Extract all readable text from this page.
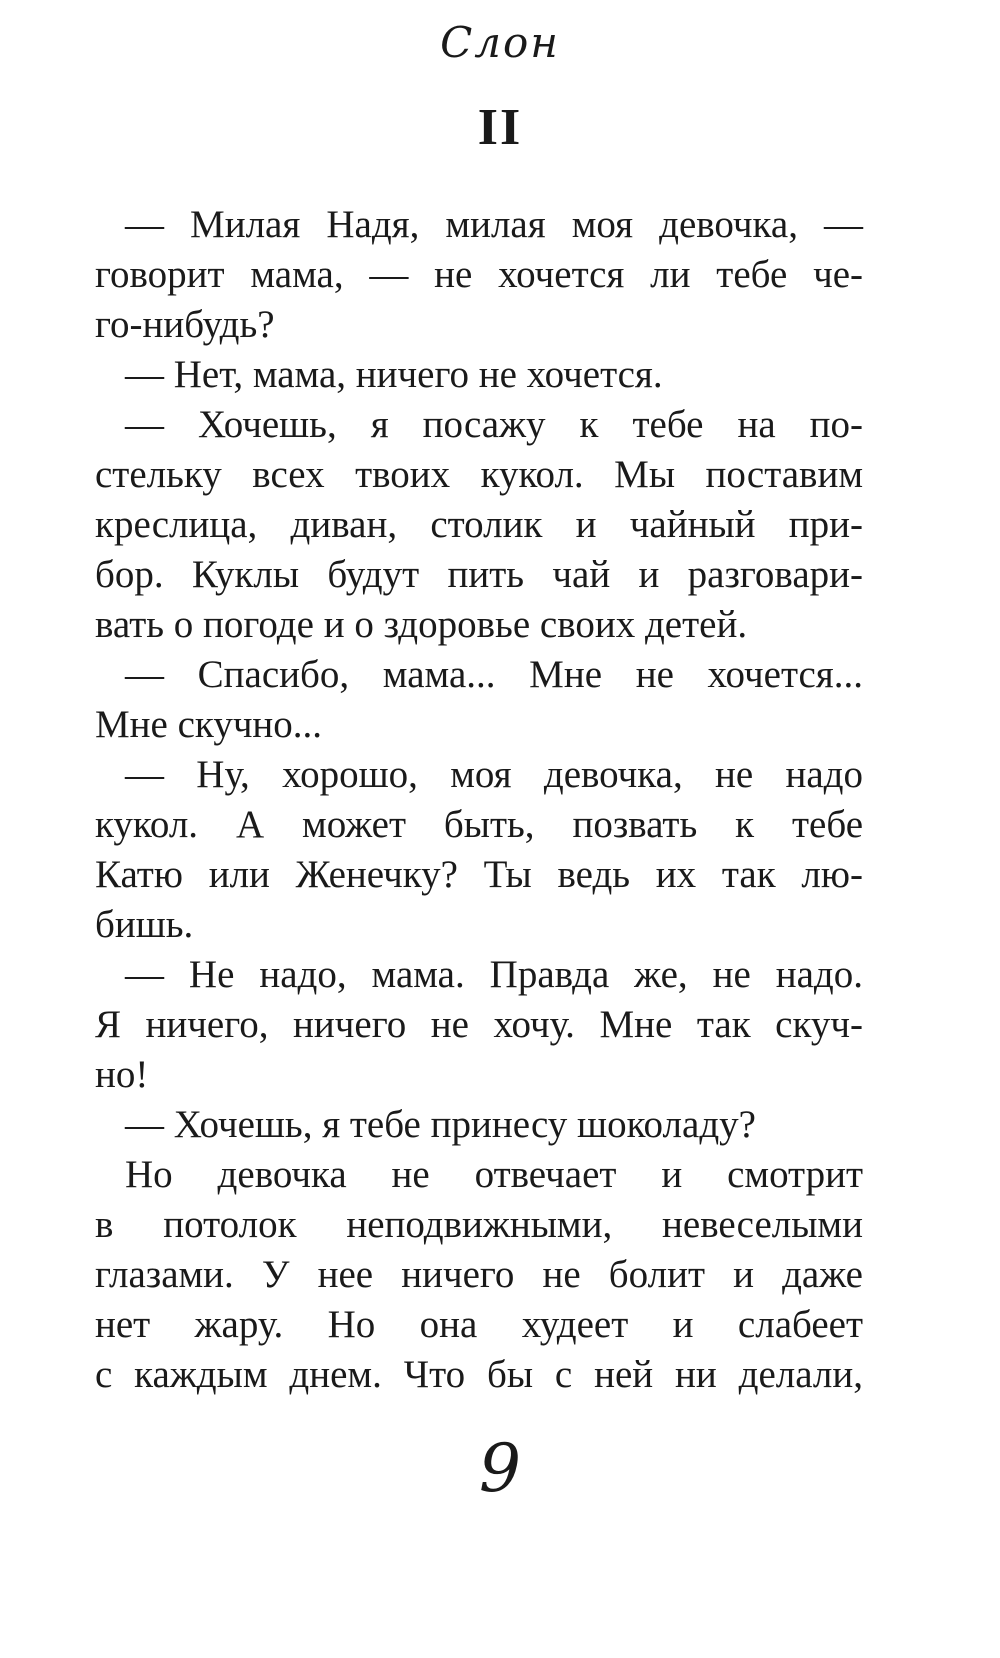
Слон
II
— Милая Надя, милая моя девочка, —
говорит мама, — не хочется ли тебе че-
го-нибудь?
— Нет, мама, ничего не хочется.
— Хочешь, я посажу к тебе на по-
стельку всех твоих кукол. Мы поставим
креслица, диван, столик и чайный при-
бор. Куклы будут пить чай и разговари-
вать о погоде и о здоровье своих детей.
— Спасибо, мама... Мне не хочется...
Мне скучно...
— Ну, хорошо, моя девочка, не надо
кукол. А может быть, позвать к тебе
Катю или Женечку? Ты ведь их так лю-
бишь.
— Не надо, мама. Правда же, не надо.
Я ничего, ничего не хочу. Мне так скуч-
но!
— Хочешь, я тебе принесу шоколаду?
Но девочка не отвечает и смотрит
в потолок неподвижными, невеселыми
глазами. У нее ничего не болит и даже
нет жару. Но она худеет и слабеет
с каждым днем. Что бы с ней ни делали,
9
